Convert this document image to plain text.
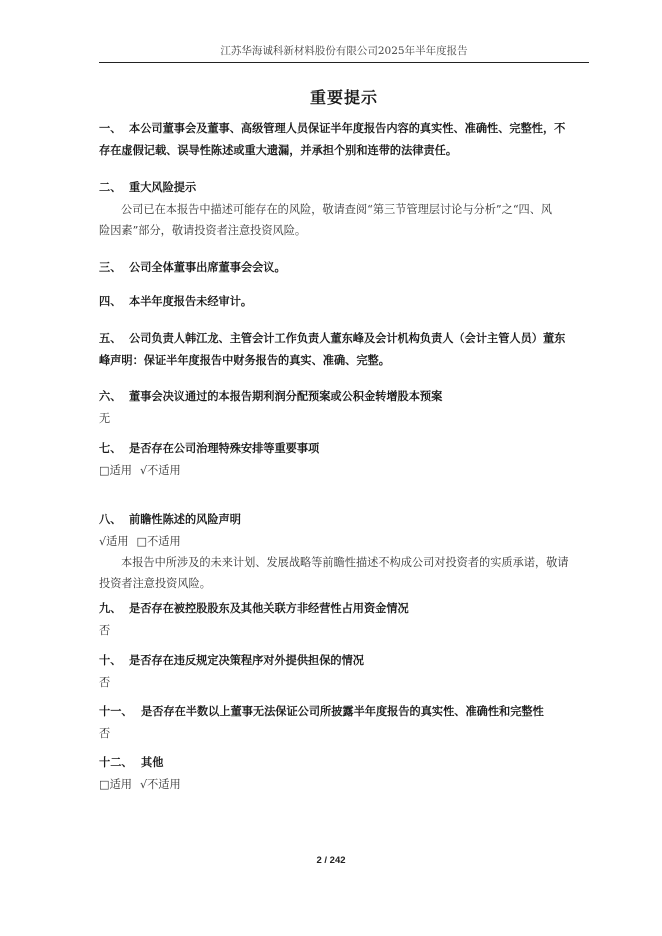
江苏华海诚科新材料股份有限公司2025年半年度报告
重要提示

一、 本公司董事会及董事、高级管理人员保证半年度报告内容的真实性、准确性、完整性，不

存在虚假记载、误导性陈述或重大遗漏，并承担个别和连带的法律责任。

二、 重大风险提示

公司已在本报告中描述可能存在的风险，敬请查阅“第三节管理层讨论与分析”之“四、风

险因素”部分，敬请投资者注意投资风险。

三、 公司全体董事出席董事会会议。

四、 本半年度报告未经审计。

五、 公司负责人韩江龙、主管会计工作负责人董东峰及会计机构负责人（会计主管人员）董东

峰声明：保证半年度报告中财务报告的真实、准确、完整。

六、 董事会决议通过的本报告期利润分配预案或公积金转增股本预案

无

七、 是否存在公司治理特殊安排等重要事项

□适用 √不适用

八、 前瞻性陈述的风险声明

√适用 □不适用

本报告中所涉及的未来计划、发展战略等前瞻性描述不构成公司对投资者的实质承诺，敬请

投资者注意投资风险。

九、 是否存在被控股股东及其他关联方非经营性占用资金情况

否

十、 是否存在违反规定决策程序对外提供担保的情况

否

十一、 是否存在半数以上董事无法保证公司所披露半年度报告的真实性、准确性和完整性

否

十二、 其他

□适用 √不适用

2 / 242
